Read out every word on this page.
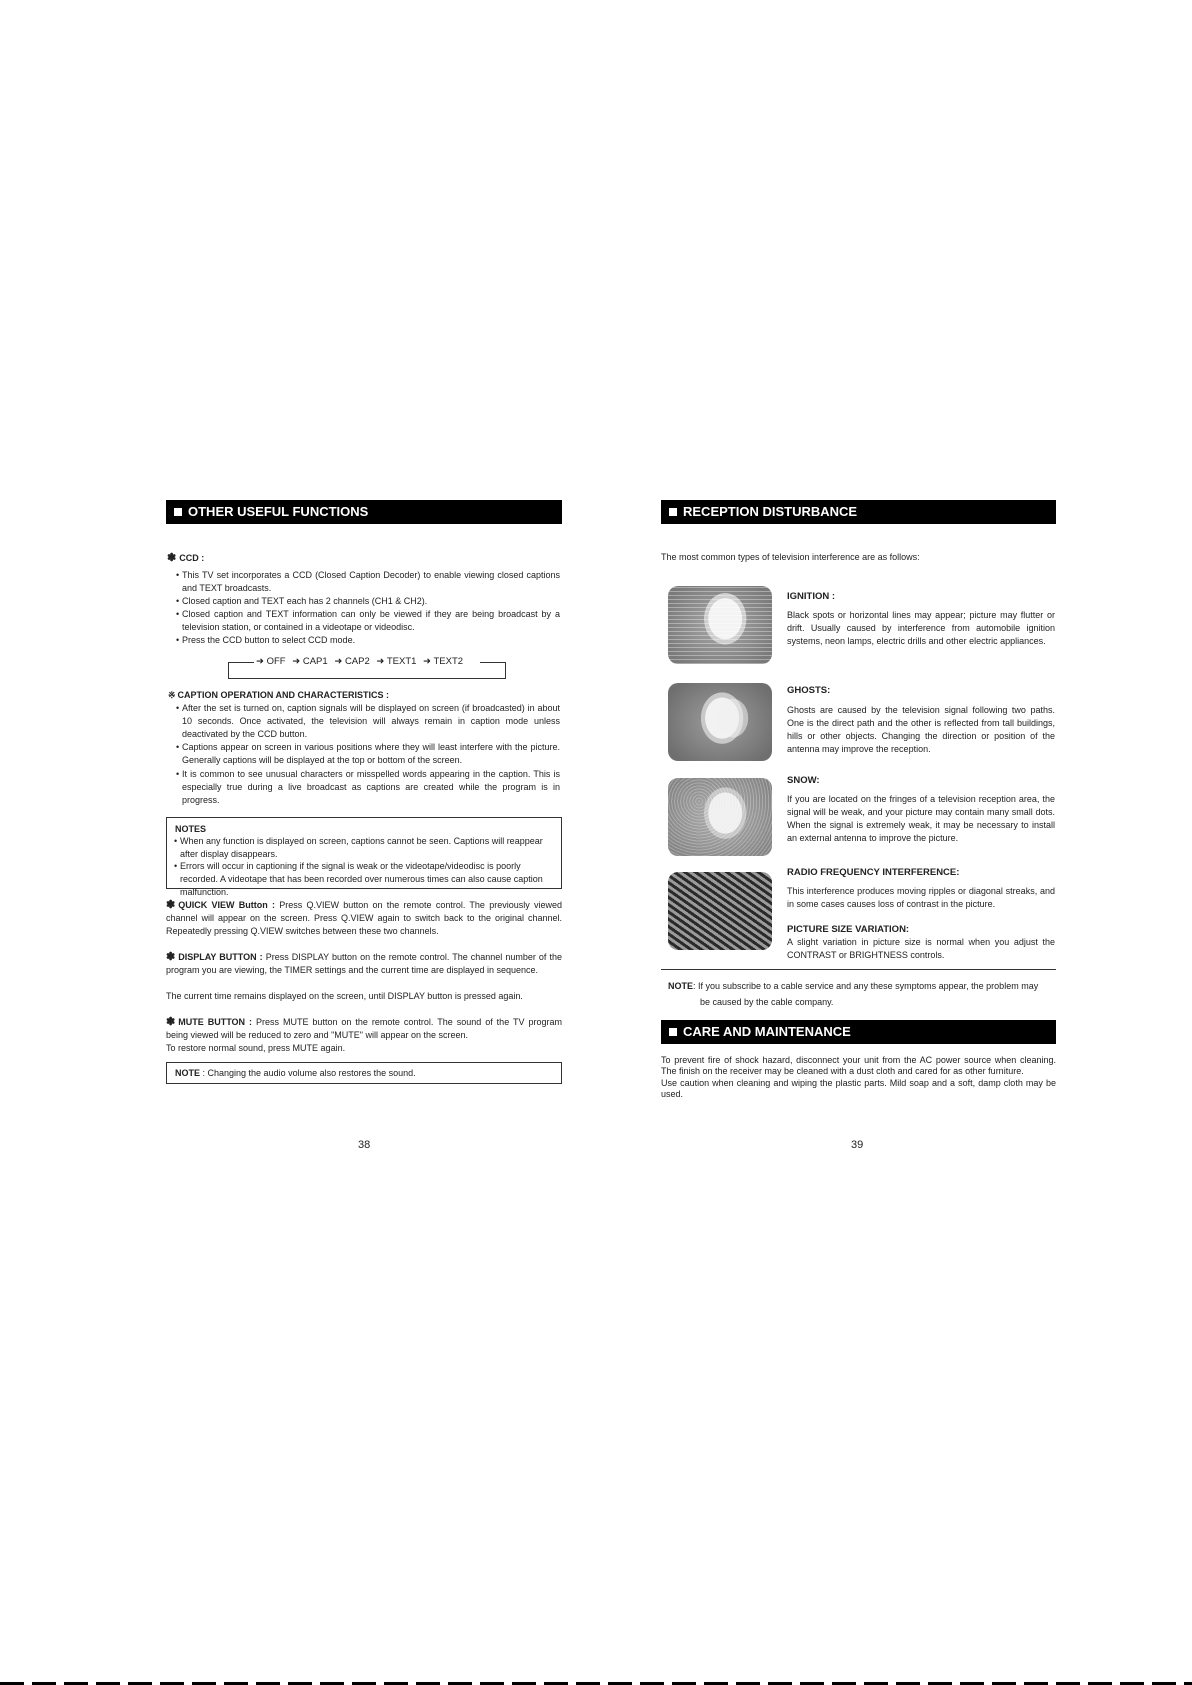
OTHER USEFUL FUNCTIONS
✽ CCD :
• This TV set incorporates a CCD (Closed Caption Decoder) to enable viewing closed captions and TEXT broadcasts.
• Closed caption and TEXT each has 2 channels (CH1 & CH2).
• Closed caption and TEXT information can only be viewed if they are being broadcast by a television station, or contained in a videotape or videodisc.
• Press the CCD button to select CCD mode.
➜ OFF ➜ CAP1 ➜ CAP2 ➜ TEXT1 ➜ TEXT2
※ CAPTION OPERATION AND CHARACTERISTICS :
• After the set is turned on, caption signals will be displayed on screen (if broadcasted) in about 10 seconds. Once activated, the television will always remain in caption mode unless deactivated by the CCD button.
• Captions appear on screen in various positions where they will least interfere with the picture. Generally captions will be displayed at the top or bottom of the screen.
• It is common to see unusual characters or misspelled words appearing in the caption. This is especially true during a live broadcast as captions are created while the program is in progress.
NOTES
• When any function is displayed on screen, captions cannot be seen. Captions will reappear after display disappears.
• Errors will occur in captioning if the signal is weak or the videotape/videodisc is poorly recorded. A videotape that has been recorded over numerous times can also cause caption malfunction.
✽ QUICK VIEW Button : Press Q.VIEW button on the remote control. The previously viewed channel will appear on the screen. Press Q.VIEW again to switch back to the original channel. Repeatedly pressing Q.VIEW switches between these two channels.
✽ DISPLAY BUTTON : Press DISPLAY button on the remote control. The channel number of the program you are viewing, the TIMER settings and the current time are displayed in sequence.
The current time remains displayed on the screen, until DISPLAY button is pressed again.
✽ MUTE BUTTON : Press MUTE button on the remote control. The sound of the TV program being viewed will be reduced to zero and "MUTE" will appear on the screen.
To restore normal sound, press MUTE again.
NOTE : Changing the audio volume also restores the sound.
38
RECEPTION DISTURBANCE
The most common types of television interference are as follows:
IGNITION :
Black spots or horizontal lines may appear; picture may flutter or drift. Usually caused by interference from automobile ignition systems, neon lamps, electric drills and other electric appliances.
GHOSTS:
Ghosts are caused by the television signal following two paths. One is the direct path and the other is reflected from tall buildings, hills or other objects. Changing the direction or position of the antenna may improve the reception.
SNOW:
If you are located on the fringes of a television reception area, the signal will be weak, and your picture may contain many small dots. When the signal is extremely weak, it may be necessary to install an external antenna to improve the picture.
RADIO FREQUENCY INTERFERENCE:
This interference produces moving ripples or diagonal streaks, and in some cases causes loss of contrast in the picture.
PICTURE SIZE VARIATION:
A slight variation in picture size is normal when you adjust the CONTRAST or BRIGHTNESS controls.
NOTE: If you subscribe to a cable service and any these symptoms appear, the problem may
be caused by the cable company.
CARE AND MAINTENANCE
To prevent fire of shock hazard, disconnect your unit from the AC power source when cleaning. The finish on the receiver may be cleaned with a dust cloth and cared for as other furniture.
Use caution when cleaning and wiping the plastic parts. Mild soap and a soft, damp cloth may be used.
39
